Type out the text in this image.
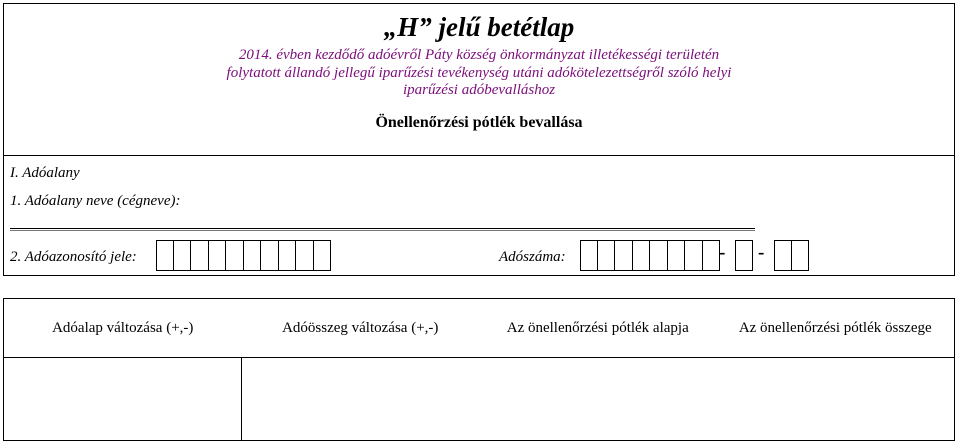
„H” jelű betétlap

2014. évben kezdődő adóévről Páty község önkormányzat illetékességi területén
folytatott állandó jellegű iparűzési tevékenység utáni adókötelezettségről szóló helyi
iparűzési adóbevalláshoz

Önellenőrzési pótlék bevallása

I. Adóalany

1. Adóalany neve (cégneve):

2. Adóazonosító jele:	Adószáma:	- -

Adóalap változása (+,-)	Adóösszeg változása (+,-)	Az önellenőrzési pótlék alapja	Az önellenőrzési pótlék összege
